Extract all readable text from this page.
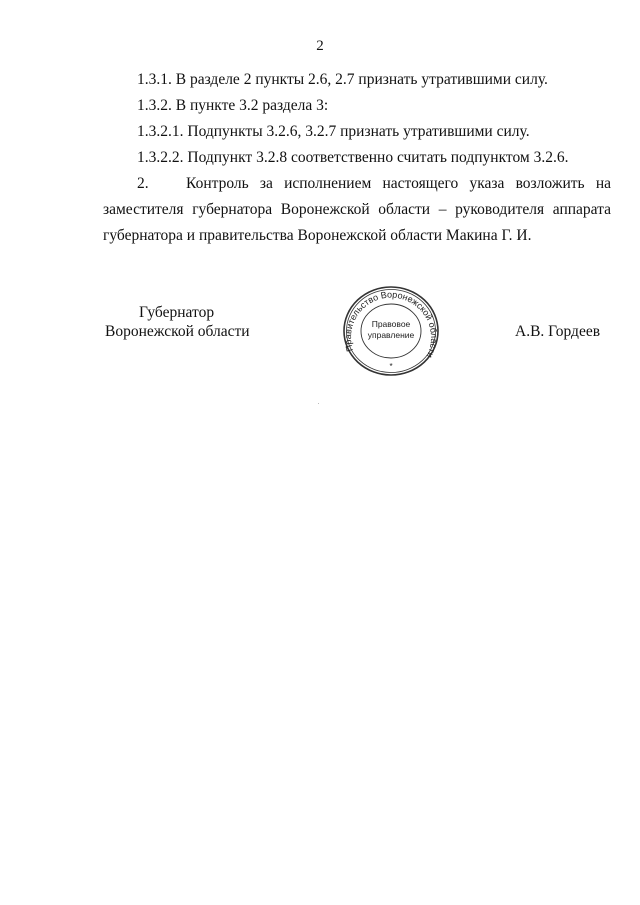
2
1.3.1. В разделе 2 пункты 2.6, 2.7 признать утратившими силу.
1.3.2. В пункте 3.2 раздела 3:
1.3.2.1. Подпункты 3.2.6, 3.2.7 признать утратившими силу.
1.3.2.2. Подпункт 3.2.8 соответственно считать подпунктом 3.2.6.
2. Контроль за исполнением настоящего указа возложить на
заместителя губернатора Воронежской области – руководителя аппарата
губернатора и правительства Воронежской области Макина Г. И.
Губернатор
Воронежской области	А.В. Гордеев
Правительство Воронежской области
Правовое
управление
*
